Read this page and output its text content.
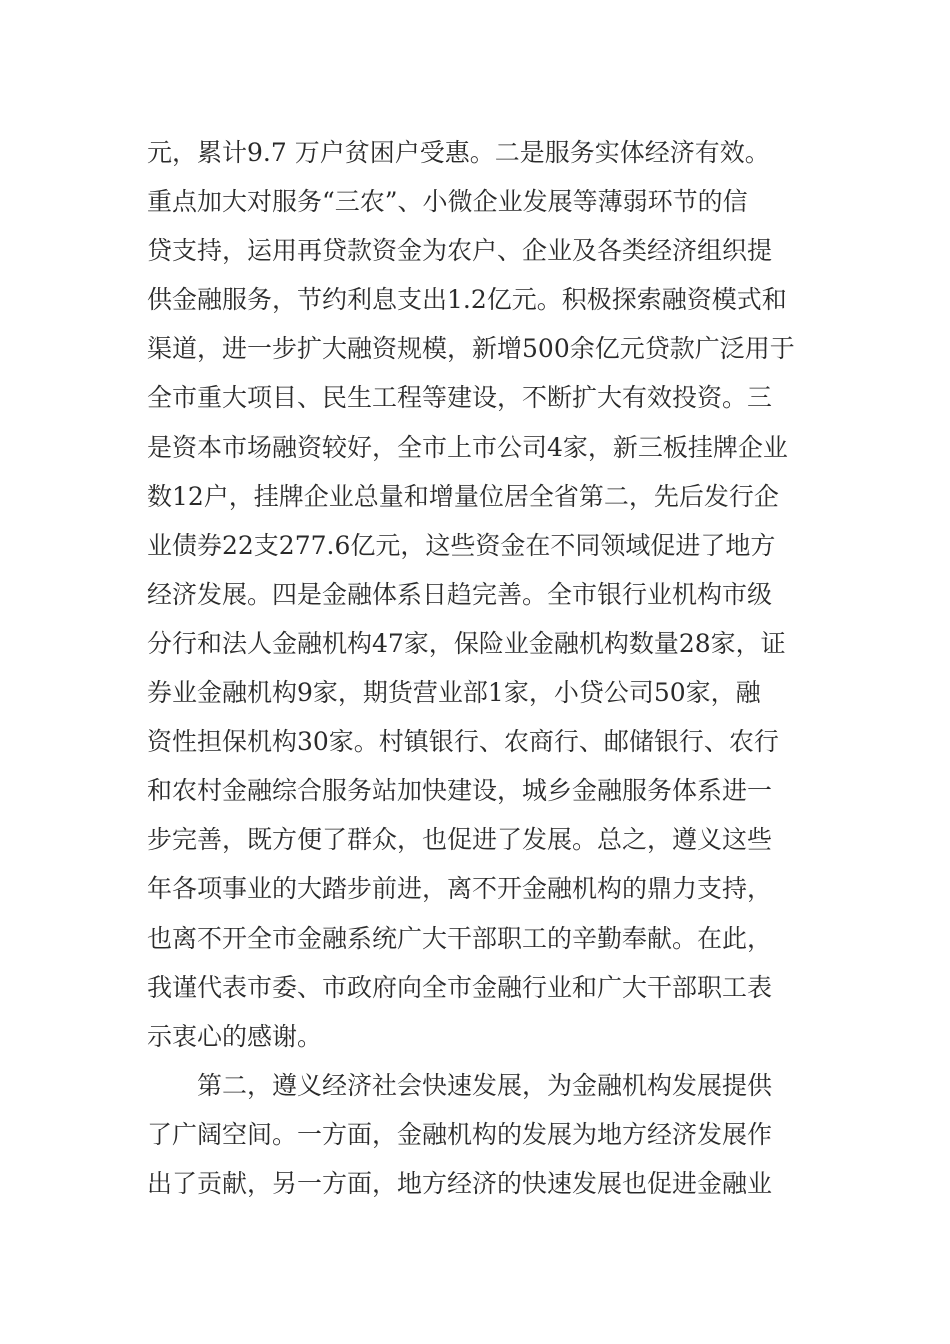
元，累计9.7 万户贫困户受惠。二是服务实体经济有效。
重点加大对服务“三农”、小微企业发展等薄弱环节的信
贷支持，运用再贷款资金为农户、企业及各类经济组织提
供金融服务，节约利息支出1.2亿元。积极探索融资模式和
渠道，进一步扩大融资规模，新增500余亿元贷款广泛用于
全市重大项目、民生工程等建设，不断扩大有效投资。三
是资本市场融资较好，全市上市公司4家，新三板挂牌企业
数12户，挂牌企业总量和增量位居全省第二，先后发行企
业债券22支277.6亿元，这些资金在不同领域促进了地方
经济发展。四是金融体系日趋完善。全市银行业机构市级
分行和法人金融机构47家，保险业金融机构数量28家，证
券业金融机构9家，期货营业部1家，小贷公司50家，融
资性担保机构30家。村镇银行、农商行、邮储银行、农行
和农村金融综合服务站加快建设，城乡金融服务体系进一
步完善，既方便了群众，也促进了发展。总之，遵义这些
年各项事业的大踏步前进，离不开金融机构的鼎力支持，
也离不开全市金融系统广大干部职工的辛勤奉献。在此，
我谨代表市委、市政府向全市金融行业和广大干部职工表
示衷心的感谢。
第二，遵义经济社会快速发展，为金融机构发展提供
了广阔空间。一方面，金融机构的发展为地方经济发展作
出了贡献，另一方面，地方经济的快速发展也促进金融业
